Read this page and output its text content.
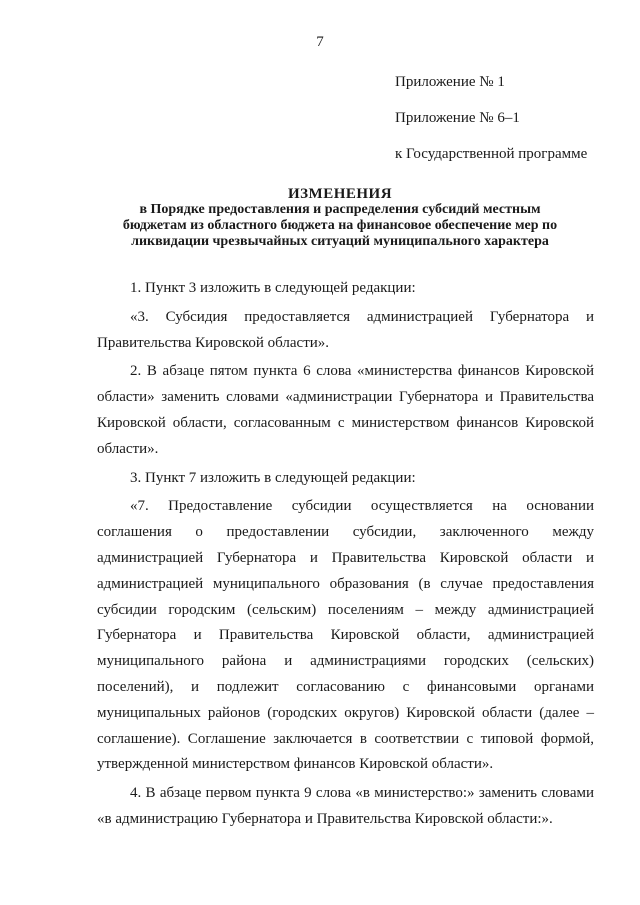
7
Приложение № 1
Приложение № 6–1
к Государственной программе
ИЗМЕНЕНИЯ
в Порядке предоставления и распределения субсидий местным
бюджетам из областного бюджета на финансовое обеспечение мер по
ликвидации чрезвычайных ситуаций муниципального характера

1. Пункт 3 изложить в следующей редакции:

«3. Субсидия предоставляется администрацией Губернатора и Правительства Кировской области».

2. В абзаце пятом пункта 6 слова «министерства финансов Кировской области» заменить словами «администрации Губернатора и Правительства Кировской области, согласованным с министерством финансов Кировской области».

3. Пункт 7 изложить в следующей редакции:

«7. Предоставление субсидии осуществляется на основании соглашения о предоставлении субсидии, заключенного между администрацией Губернатора и Правительства Кировской области и администрацией муниципального образования (в случае предоставления субсидии городским (сельским) поселениям – между администрацией Губернатора и Правительства Кировской области, администрацией муниципального района и администрациями городских (сельских) поселений), и подлежит согласованию с финансовыми органами муниципальных районов (городских округов) Кировской области (далее – соглашение). Соглашение заключается в соответствии с типовой формой, утвержденной министерством финансов Кировской области».

4. В абзаце первом пункта 9 слова «в министерство:» заменить словами «в администрацию Губернатора и Правительства Кировской области:».
